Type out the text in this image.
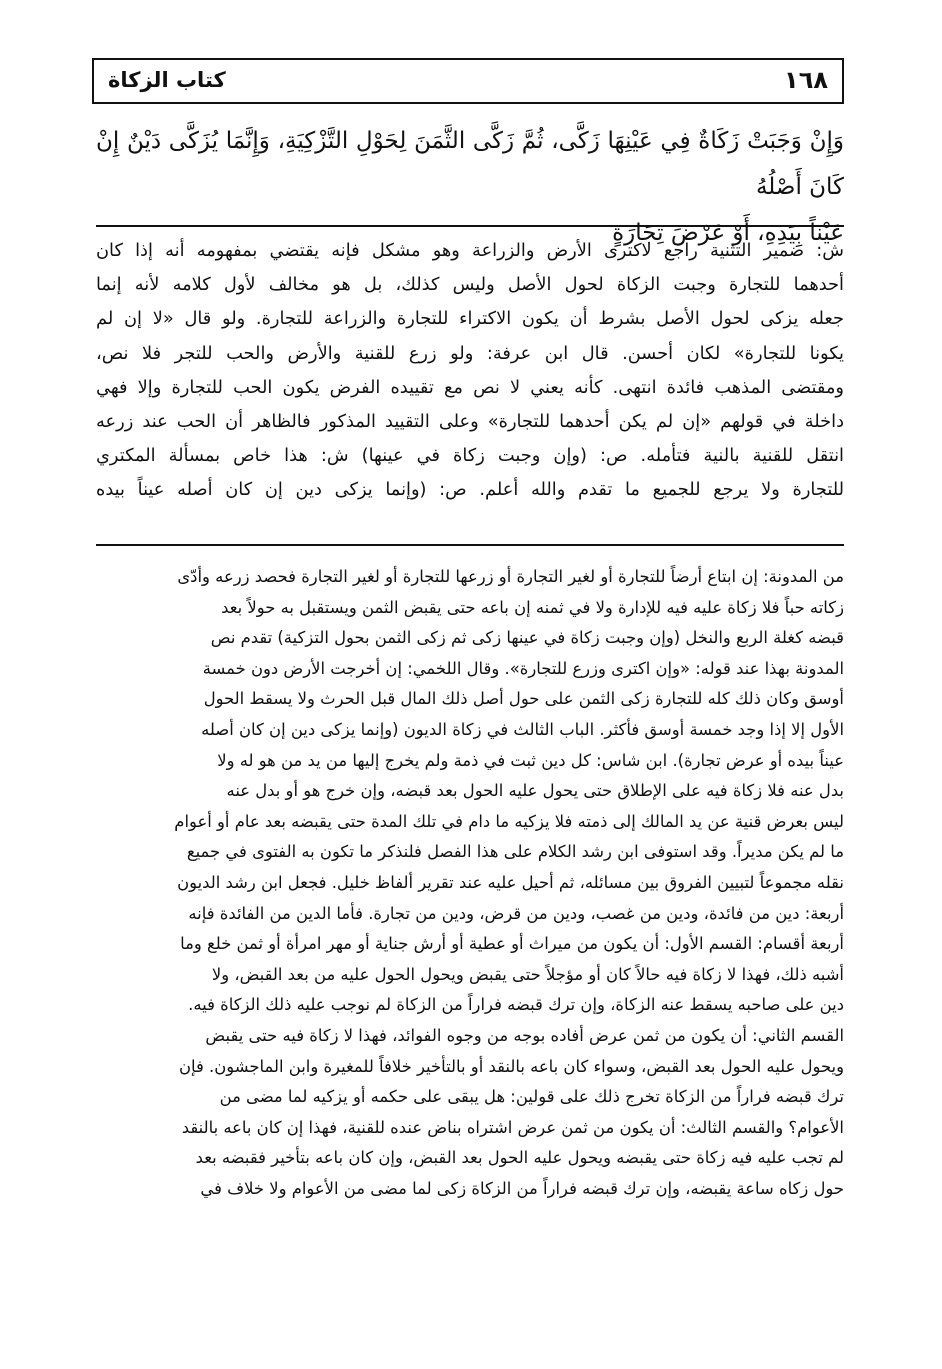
١٦٨
كتاب الزكاة

وَإِنْ وَجَبَتْ زَكَاةٌ فِي عَيْنِهَا زَكَّى، ثُمَّ زَكَّى الثَّمَنَ لِحَوْلِ التَّزْكِيَةِ، وَإِنَّمَا يُزَكَّى دَيْنٌ إِنْ كَانَ أَصْلُهُ

عَيْناً بِيَدِهِ، أَوْ عَرْضَ تِجَارَةٍ

ش: ضمير التثنية راجع لاكترى الأرض والزراعة وهو مشكل فإنه يقتضي بمفهومه أنه إذا كان

أحدهما للتجارة وجبت الزكاة لحول الأصل وليس كذلك، بل هو مخالف لأول كلامه لأنه إنما

جعله يزكى لحول الأصل بشرط أن يكون الاكتراء للتجارة والزراعة للتجارة. ولو قال «لا إن لم

يكونا للتجارة» لكان أحسن. قال ابن عرفة: ولو زرع للقنية والأرض والحب للتجر فلا نص،

ومقتضى المذهب فائدة انتهى. كأنه يعني لا نص مع تقييده الفرض يكون الحب للتجارة وإلا فهي

داخلة في قولهم «إن لم يكن أحدهما للتجارة» وعلى التقييد المذكور فالظاهر أن الحب عند زرعه

انتقل للقنية بالنية فتأمله. ص: (وإن وجبت زكاة في عينها) ش: هذا خاص بمسألة المكتري

للتجارة ولا يرجع للجميع ما تقدم والله أعلم. ص: (وإنما يزكى دين إن كان أصله عيناً بيده

من المدونة: إن ابتاع أرضاً للتجارة أو لغير التجارة أو زرعها للتجارة أو لغير التجارة فحصد زرعه وأدّى

زكاته حباً فلا زكاة عليه فيه للإدارة ولا في ثمنه إن باعه حتى يقبض الثمن ويستقبل به حولاً بعد

قبضه كغلة الربع والنخل (وإن وجبت زكاة في عينها زكى ثم زكى الثمن بحول التزكية) تقدم نص

المدونة بهذا عند قوله: «وإن اكترى وزرع للتجارة». وقال اللخمي: إن أخرجت الأرض دون خمسة

أوسق وكان ذلك كله للتجارة زكى الثمن على حول أصل ذلك المال قبل الحرث ولا يسقط الحول

الأول إلا إذا وجد خمسة أوسق فأكثر. الباب الثالث في زكاة الديون (وإنما يزكى دين إن كان أصله

عيناً بيده أو عرض تجارة). ابن شاس: كل دين ثبت في ذمة ولم يخرج إليها من يد من هو له ولا

بدل عنه فلا زكاة فيه على الإطلاق حتى يحول عليه الحول بعد قبضه، وإن خرج هو أو بدل عنه

ليس بعرض قنية عن يد المالك إلى ذمته فلا يزكيه ما دام في تلك المدة حتى يقبضه بعد عام أو أعوام

ما لم يكن مديراً. وقد استوفى ابن رشد الكلام على هذا الفصل فلنذكر ما تكون به الفتوى في جميع

نقله مجموعاً لتبيين الفروق بين مسائله، ثم أحيل عليه عند تقرير ألفاظ خليل. فجعل ابن رشد الديون

أربعة: دين من فائدة، ودين من غصب، ودين من قرض، ودين من تجارة. فأما الدين من الفائدة فإنه

أربعة أقسام: القسم الأول: أن يكون من ميراث أو عطية أو أرش جناية أو مهر امرأة أو ثمن خلع وما

أشبه ذلك، فهذا لا زكاة فيه حالاً كان أو مؤجلاً حتى يقبض ويحول الحول عليه من بعد القبض، ولا

دين على صاحبه يسقط عنه الزكاة، وإن ترك قبضه فراراً من الزكاة لم نوجب عليه ذلك الزكاة فيه.

القسم الثاني: أن يكون من ثمن عرض أفاده بوجه من وجوه الفوائد، فهذا لا زكاة فيه حتى يقبض

ويحول عليه الحول بعد القبض، وسواء كان باعه بالنقد أو بالتأخير خلافاً للمغيرة وابن الماجشون. فإن

ترك قبضه فراراً من الزكاة تخرج ذلك على قولين: هل يبقى على حكمه أو يزكيه لما مضى من

الأعوام؟ والقسم الثالث: أن يكون من ثمن عرض اشتراه بناض عنده للقنية، فهذا إن كان باعه بالنقد

لم تجب عليه فيه زكاة حتى يقبضه ويحول عليه الحول بعد القبض، وإن كان باعه بتأخير فقبضه بعد

حول زكاه ساعة يقبضه، وإن ترك قبضه فراراً من الزكاة زكى لما مضى من الأعوام ولا خلاف في
